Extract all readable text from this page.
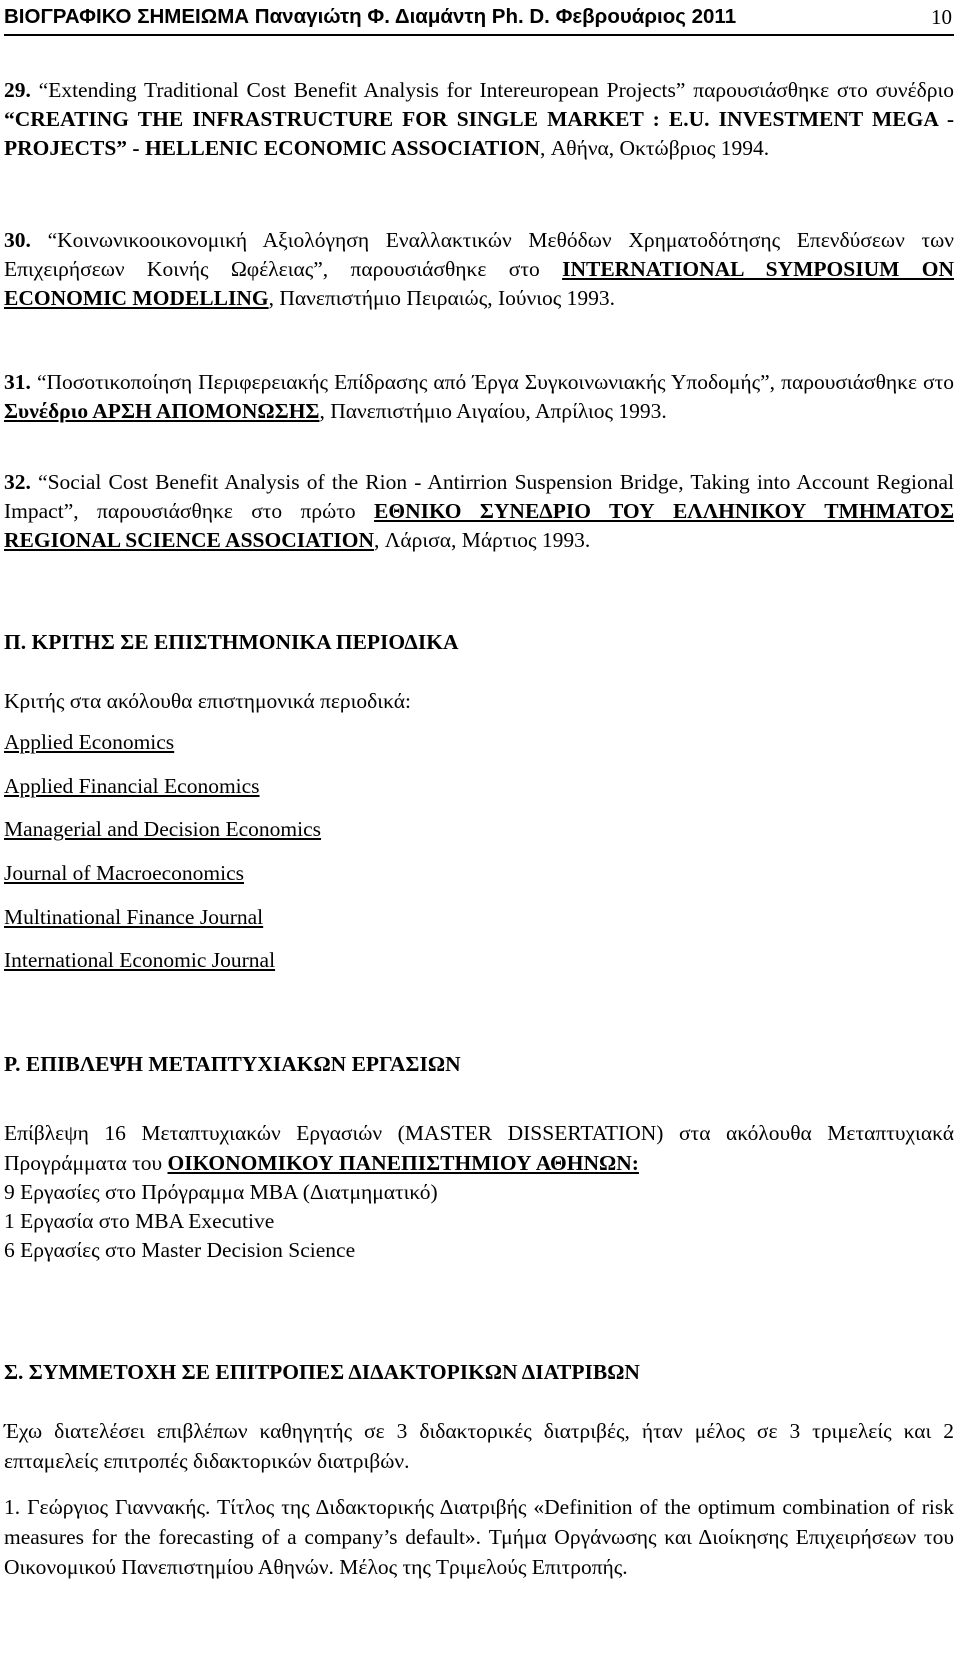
ΒΙΟΓΡΑΦΙΚΟ ΣΗΜΕΙΩΜΑ Παναγιώτη Φ. Διαμάντη Ph. D. Φεβρουάριος 2011	10
29. “Extending Traditional Cost Benefit Analysis for Intereuropean Projects” παρουσιάσθηκε στο συνέδριο “CREATING THE INFRASTRUCTURE FOR SINGLE MARKET : E.U. INVESTMENT MEGA - PROJECTS” - HELLENIC ECONOMIC ASSOCIATION, Αθήνα, Οκτώβριος 1994.
30. “Κοινωνικοοικονομική Αξιολόγηση Εναλλακτικών Μεθόδων Χρηματοδότησης Επενδύσεων των Επιχειρήσεων Κοινής Ωφέλειας”, παρουσιάσθηκε στο INTERNATIONAL SYMPOSIUM ON ECONOMIC MODELLING, Πανεπιστήμιο Πειραιώς, Ιούνιος 1993.
31. “Ποσοτικοποίηση Περιφερειακής Επίδρασης από Έργα Συγκοινωνιακής Υποδομής”, παρουσιάσθηκε στο Συνέδριο ΑΡΣΗ ΑΠΟΜΟΝΩΣΗΣ, Πανεπιστήμιο Αιγαίου, Απρίλιος 1993.
32. “Social Cost Benefit Analysis of the Rion - Antirrion Suspension Bridge, Taking into Account Regional Impact”, παρουσιάσθηκε στο πρώτο ΕΘΝΙΚΟ ΣΥΝΕΔΡΙΟ ΤΟΥ ΕΛΛΗΝΙΚΟΥ ΤΜΗΜΑΤΟΣ REGIONAL SCIENCE ASSOCIATION, Λάρισα, Μάρτιος 1993.
Π. ΚΡΙΤΗΣ ΣΕ ΕΠΙΣΤΗΜΟΝΙΚΑ ΠΕΡΙΟΔΙΚΑ
Κριτής στα ακόλουθα επιστημονικά περιοδικά:
Applied Economics
Applied Financial Economics
Managerial and Decision Economics
Journal of Macroeconomics
Multinational Finance Journal
International Economic Journal
Ρ. ΕΠΙΒΛΕΨΗ ΜΕΤΑΠΤΥΧΙΑΚΩΝ ΕΡΓΑΣΙΩΝ
Επίβλεψη 16 Μεταπτυχιακών Εργασιών (MASTER DISSERTATION) στα ακόλουθα Μεταπτυχιακά Προγράμματα του ΟΙΚΟΝΟΜΙΚΟΥ ΠΑΝΕΠΙΣΤΗΜΙΟΥ ΑΘΗΝΩΝ:
9 Εργασίες στο Πρόγραμμα MBA (Διατμηματικό)
1 Εργασία στο MBA Executive
6 Εργασίες στο Master Decision Science
Σ. ΣΥΜΜΕΤΟΧΗ ΣΕ ΕΠΙΤΡΟΠΕΣ ΔΙΔΑΚΤΟΡΙΚΩΝ ΔΙΑΤΡΙΒΩΝ
Έχω διατελέσει επιβλέπων καθηγητής σε 3 διδακτορικές διατριβές, ήταν μέλος σε 3 τριμελείς και 2 επταμελείς επιτροπές διδακτορικών διατριβών.
1. Γεώργιος Γιαννακής. Τίτλος της Διδακτορικής Διατριβής «Definition of the optimum combination of risk measures for the forecasting of a company’s default». Τμήμα Οργάνωσης και Διοίκησης Επιχειρήσεων του Οικονομικού Πανεπιστημίου Αθηνών. Μέλος της Τριμελούς Επιτροπής.
